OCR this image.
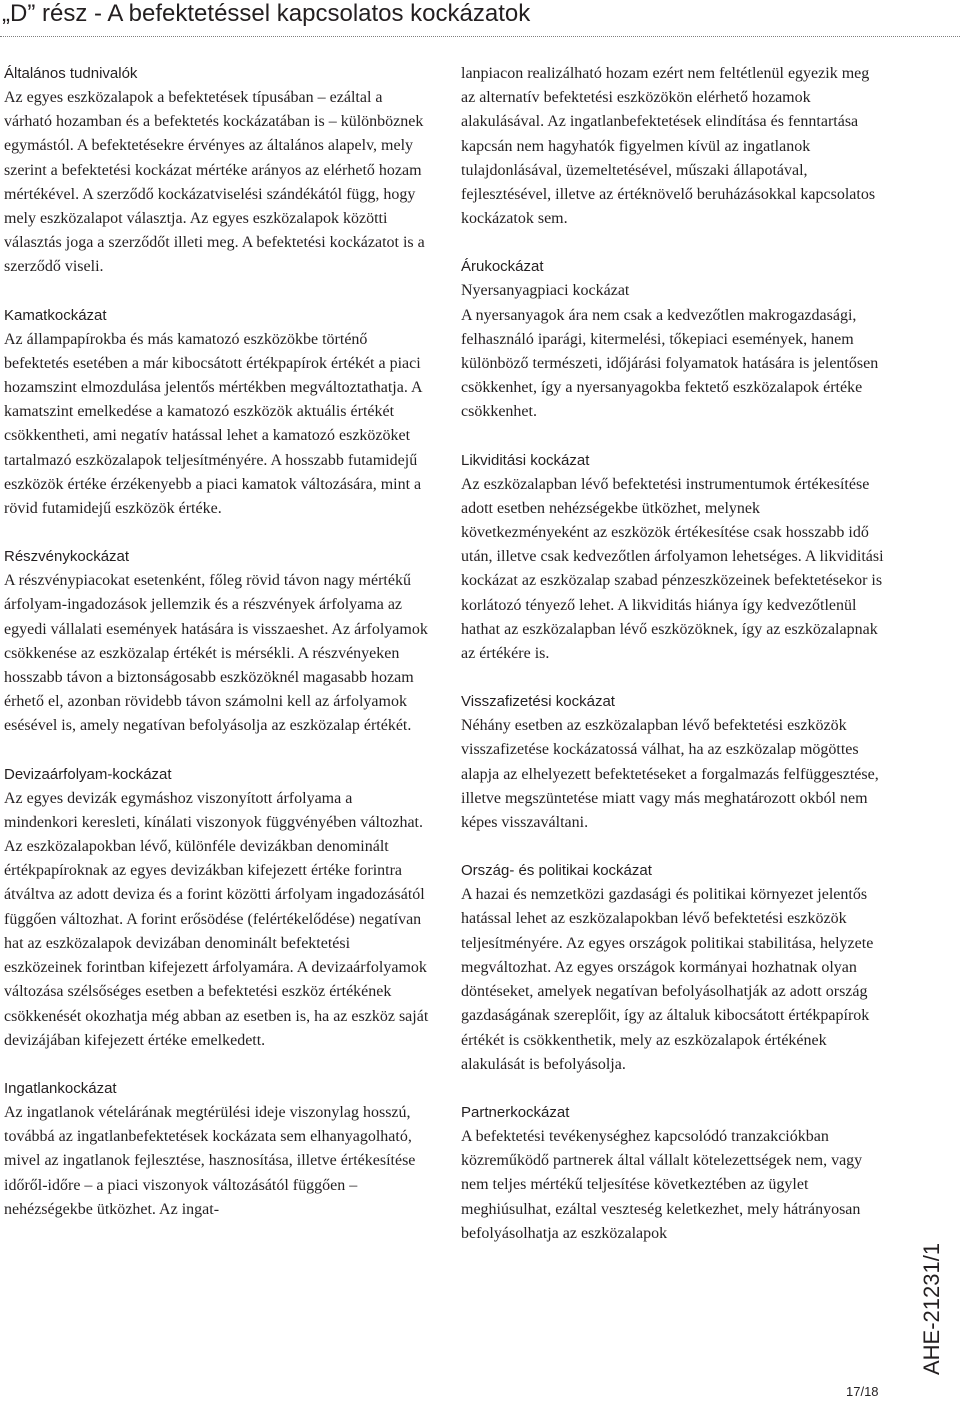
„D” rész - A befektetéssel kapcsolatos kockázatok
Általános tudnivalók
Az egyes eszközalapok a befektetések típusában – ezáltal a várható hozamban és a befektetés kockázatában is – különböznek egymástól. A befektetésekre érvényes az általános alapelv, mely szerint a befektetési kockázat mértéke arányos az elérhető hozam mértékével. A szerződő kockázatviselési szándékától függ, hogy mely eszközalapot választja. Az egyes eszközalapok közötti választás joga a szerződőt illeti meg. A befektetési kockázatot is a szerződő viseli.
Kamatkockázat
Az állampapírokba és más kamatozó eszközökbe történő befektetés esetében a már kibocsátott értékpapírok értékét a piaci hozamszint elmozdulása jelentős mértékben megváltoztathatja. A kamatszint emelkedése a kamatozó eszközök aktuális értékét csökkentheti, ami negatív hatással lehet a kamatozó eszközöket tartalmazó eszközalapok teljesítményére. A hosszabb futamidejű eszközök értéke érzékenyebb a piaci kamatok változására, mint a rövid futamidejű eszközök értéke.
Részvénykockázat
A részvénypiacokat esetenként, főleg rövid távon nagy mértékű árfolyam-ingadozások jellemzik és a részvények árfolyama az egyedi vállalati események hatására is visszaeshet. Az árfolyamok csökkenése az eszközalap értékét is mérsékli. A részvényeken hosszabb távon a biztonságosabb eszközöknél magasabb hozam érhető el, azonban rövidebb távon számolni kell az árfolyamok esésével is, amely negatívan befolyásolja az eszközalap értékét.
Devizaárfolyam-kockázat
Az egyes devizák egymáshoz viszonyított árfolyama a mindenkori keresleti, kínálati viszonyok függvényében változhat. Az eszközalapokban lévő, különféle devizákban denominált értékpapíroknak az egyes devizákban kifejezett értéke forintra átváltva az adott deviza és a forint közötti árfolyam ingadozásától függően változhat. A forint erősödése (felértékelődése) negatívan hat az eszközalapok devizában denominált befektetési eszközeinek forintban kifejezett árfolyamára. A devizaárfolyamok változása szélsőséges esetben a befektetési eszköz értékének csökkenését okozhatja még abban az esetben is, ha az eszköz saját devizájában kifejezett értéke emelkedett.
Ingatlankockázat
Az ingatlanok vételárának megtérülési ideje viszonylag hosszú, továbbá az ingatlanbefektetések kockázata sem elhanyagolható, mivel az ingatlanok fejlesztése, hasznosítása, illetve értékesítése időről-időre – a piaci viszonyok változásától függően – nehézségekbe ütközhet. Az ingat-
lanpiacon realizálható hozam ezért nem feltétlenül egyezik meg az alternatív befektetési eszközökön elérhető hozamok alakulásával. Az ingatlanbefektetések elindítása és fenntartása kapcsán nem hagyhatók figyelmen kívül az ingatlanok tulajdonlásával, üzemeltetésével, műszaki állapotával, fejlesztésével, illetve az értéknövelő beruházásokkal kapcsolatos kockázatok sem.
Árukockázat
Nyersanyagpiaci kockázat
A nyersanyagok ára nem csak a kedvezőtlen makrogazdasági, felhasználó iparági, kitermelési, tőkepiaci események, hanem különböző természeti, időjárási folyamatok hatására is jelentősen csökkenhet, így a nyersanyagokba fektető eszközalapok értéke csökkenhet.
Likviditási kockázat
Az eszközalapban lévő befektetési instrumentumok értékesítése adott esetben nehézségekbe ütközhet, melynek következményeként az eszközök értékesítése csak hosszabb idő után, illetve csak kedvezőtlen árfolyamon lehetséges. A likviditási kockázat az eszközalap szabad pénzeszközeinek befektetésekor is korlátozó tényező lehet. A likviditás hiánya így kedvezőtlenül hathat az eszközalapban lévő eszközöknek, így az eszközalapnak az értékére is.
Visszafizetési kockázat
Néhány esetben az eszközalapban lévő befektetési eszközök visszafizetése kockázatossá válhat, ha az eszközalap mögöttes alapja az elhelyezett befektetéseket a forgalmazás felfüggesztése, illetve megszüntetése miatt vagy más meghatározott okból nem képes visszaváltani.
Ország- és politikai kockázat
A hazai és nemzetközi gazdasági és politikai környezet jelentős hatással lehet az eszközalapokban lévő befektetési eszközök teljesítményére. Az egyes országok politikai stabilitása, helyzete megváltozhat. Az egyes országok kormányai hozhatnak olyan döntéseket, amelyek negatívan befolyásolhatják az adott ország gazdaságának szereplőit, így az általuk kibocsátott értékpapírok értékét is csökkenthetik, mely az eszközalapok értékének alakulását is befolyásolja.
Partnerkockázat
A befektetési tevékenységhez kapcsolódó tranzakciókban közreműködő partnerek által vállalt kötelezettségek nem, vagy nem teljes mértékű teljesítése következtében az ügylet meghiúsulhat, ezáltal veszteség keletkezhet, mely hátrányosan befolyásolhatja az eszközalapok
AHE-21231/1
17/18
